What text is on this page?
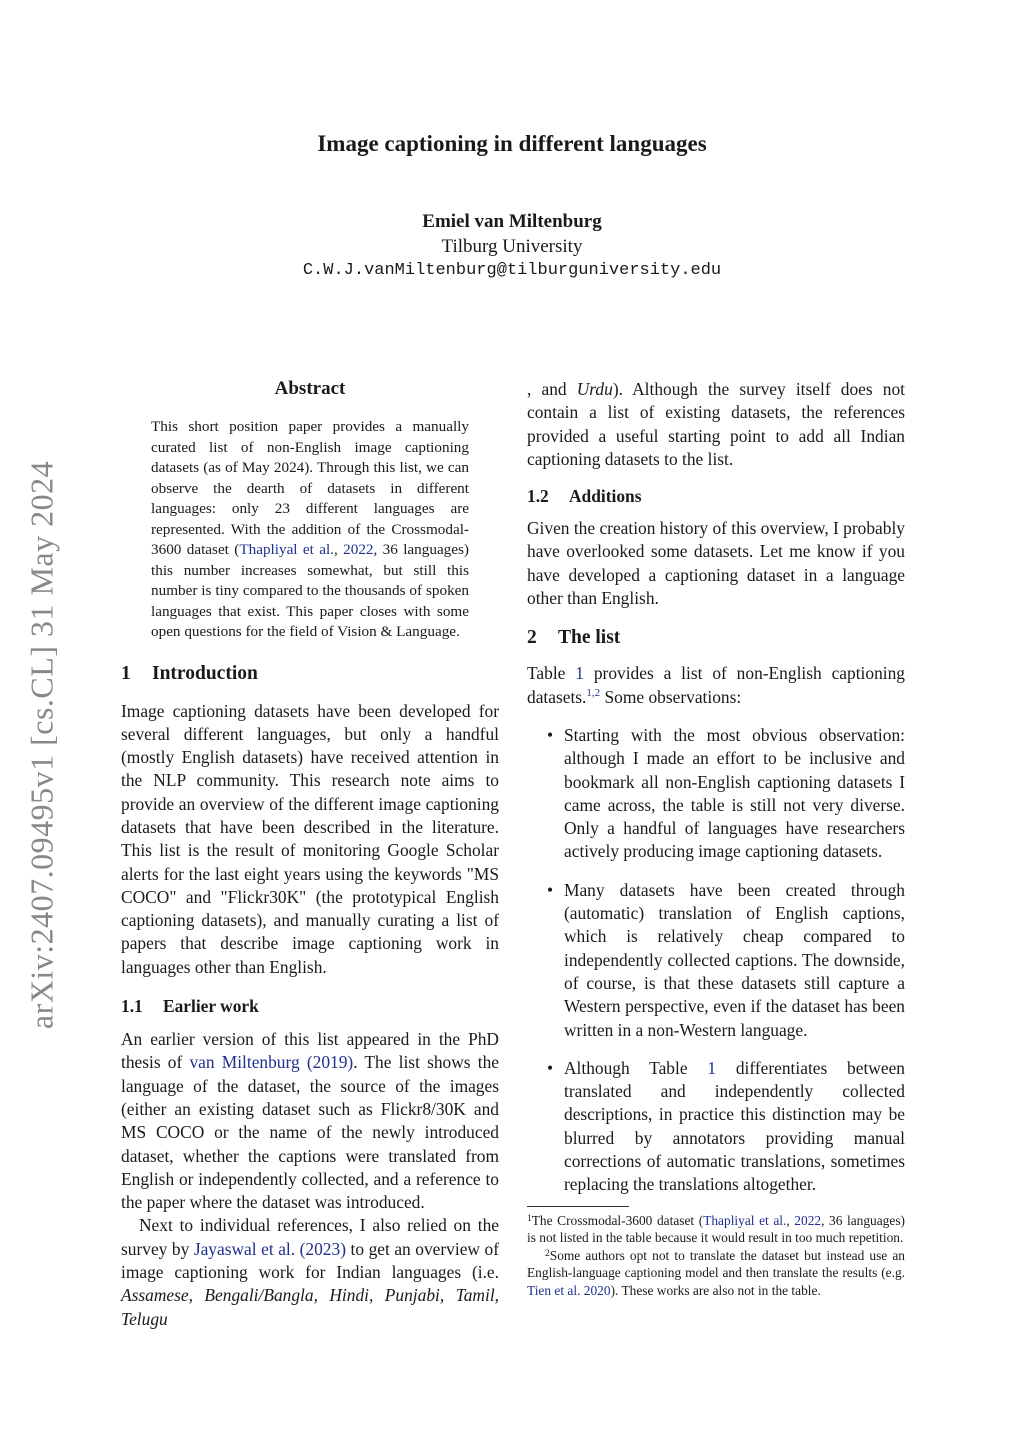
Image captioning in different languages
Emiel van Miltenburg
Tilburg University
C.W.J.vanMiltenburg@tilburguniversity.edu
arXiv:2407.09495v1 [cs.CL] 31 May 2024
Abstract

This short position paper provides a manually curated list of non-English image captioning datasets (as of May 2024). Through this list, we can observe the dearth of datasets in different languages: only 23 different languages are represented. With the addition of the Crossmodal-3600 dataset (Thapliyal et al., 2022, 36 languages) this number increases somewhat, but still this number is tiny compared to the thousands of spoken languages that exist. This paper closes with some open questions for the field of Vision & Language.

1 Introduction

Image captioning datasets have been developed for several different languages, but only a handful (mostly English datasets) have received attention in the NLP community. This research note aims to provide an overview of the different image captioning datasets that have been described in the literature. This list is the result of monitoring Google Scholar alerts for the last eight years using the keywords "MS COCO" and "Flickr30K" (the prototypical English captioning datasets), and manually curating a list of papers that describe image captioning work in languages other than English.

1.1 Earlier work

An earlier version of this list appeared in the PhD thesis of van Miltenburg (2019). The list shows the language of the dataset, the source of the images (either an existing dataset such as Flickr8/30K and MS COCO or the name of the newly introduced dataset, whether the captions were translated from English or independently collected, and a reference to the paper where the dataset was introduced.

Next to individual references, I also relied on the survey by Jayaswal et al. (2023) to get an overview of image captioning work for Indian languages (i.e. Assamese, Bengali/Bangla, Hindi, Punjabi, Tamil, Telugu

, and Urdu). Although the survey itself does not contain a list of existing datasets, the references provided a useful starting point to add all Indian captioning datasets to the list.

1.2 Additions

Given the creation history of this overview, I probably have overlooked some datasets. Let me know if you have developed a captioning dataset in a language other than English.

2 The list

Table 1 provides a list of non-English captioning datasets.$^{1,2}$ Some observations:

• Starting with the most obvious observation: although I made an effort to be inclusive and bookmark all non-English captioning datasets I came across, the table is still not very diverse. Only a handful of languages have researchers actively producing image captioning datasets.
• Many datasets have been created through (automatic) translation of English captions, which is relatively cheap compared to independently collected captions. The downside, of course, is that these datasets still capture a Western perspective, even if the dataset has been written in a non-Western language.
• Although Table 1 differentiates between translated and independently collected descriptions, in practice this distinction may be blurred by annotators providing manual corrections of automatic translations, sometimes replacing the translations altogether.

$^1$The Crossmodal-3600 dataset (Thapliyal et al., 2022, 36 languages) is not listed in the table because it would result in too much repetition.

$^2$Some authors opt not to translate the dataset but instead use an English-language captioning model and then translate the results (e.g. Tien et al. 2020). These works are also not in the table.
